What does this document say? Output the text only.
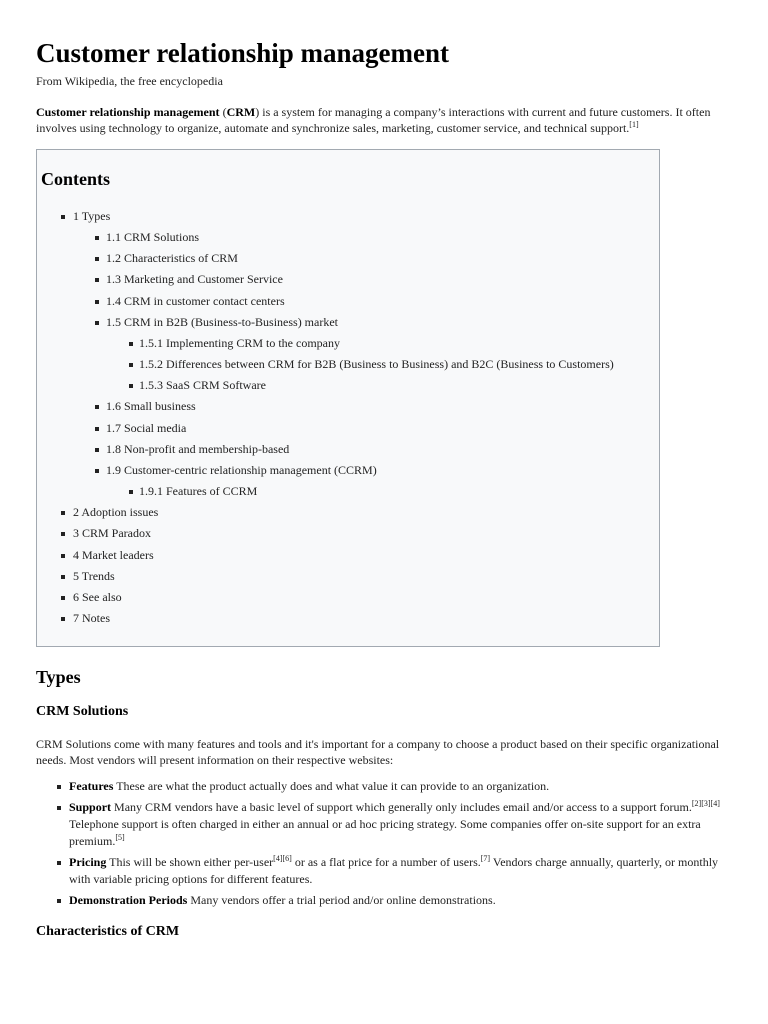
Customer relationship management
From Wikipedia, the free encyclopedia

Customer relationship management (CRM) is a system for managing a company’s interactions with current and future customers. It often involves using technology to organize, automate and synchronize sales, marketing, customer service, and technical support.[1]

Contents
1 Types
1.1 CRM Solutions
1.2 Characteristics of CRM
1.3 Marketing and Customer Service
1.4 CRM in customer contact centers
1.5 CRM in B2B (Business-to-Business) market
1.5.1 Implementing CRM to the company
1.5.2 Differences between CRM for B2B (Business to Business) and B2C (Business to Customers)
1.5.3 SaaS CRM Software
1.6 Small business
1.7 Social media
1.8 Non-profit and membership-based
1.9 Customer-centric relationship management (CCRM)
1.9.1 Features of CCRM
2 Adoption issues
3 CRM Paradox
4 Market leaders
5 Trends
6 See also
7 Notes
Types
CRM Solutions

CRM Solutions come with many features and tools and it's important for a company to choose a product based on their specific organizational needs. Most vendors will present information on their respective websites:

Features These are what the product actually does and what value it can provide to an organization.
Support Many CRM vendors have a basic level of support which generally only includes email and/or access to a support forum.[2][3][4] Telephone support is often charged in either an annual or ad hoc pricing strategy. Some companies offer on-site support for an extra premium.[5]
Pricing This will be shown either per-user[4][6] or as a flat price for a number of users.[7] Vendors charge annually, quarterly, or monthly with variable pricing options for different features.
Demonstration Periods Many vendors offer a trial period and/or online demonstrations.
Characteristics of CRM
